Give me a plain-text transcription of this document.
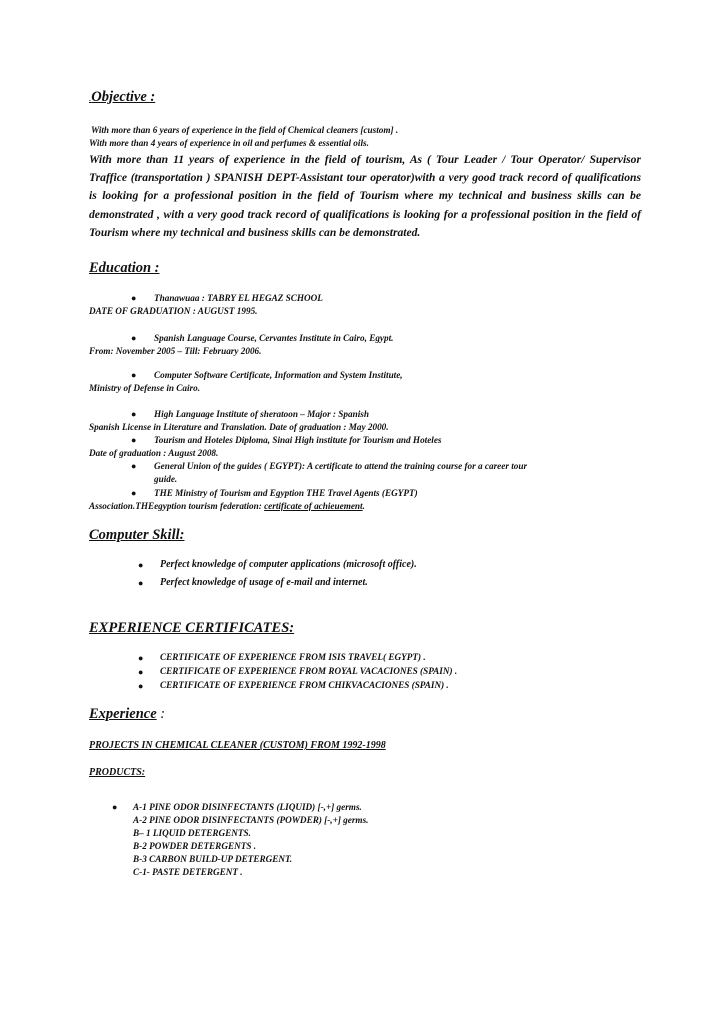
.Objective :
With more than 6 years of experience in the field of Chemical cleaners [custom] .
With more than 4 years of experience in oil and perfumes & essential oils.
With more than 11 years of experience in the field of tourism, As ( Tour Leader / Tour Operator/ Supervisor Traffice (transportation ) SPANISH DEPT-Assistant tour operator)with a very good track record of qualifications is looking for a professional position in the field of Tourism where my technical and business skills can be demonstrated , with a very good track record of qualifications is looking for a professional position in the field of Tourism where my technical and business skills can be demonstrated.
Education :
● Thanawuaa : TABRY EL HEGAZ SCHOOL
DATE OF GRADUATION : AUGUST 1995.
● Spanish Language Course, Cervantes Institute in Cairo, Egypt.
From: November 2005 – Till: February 2006.
● Computer Software Certificate, Information and System Institute,
Ministry of Defense in Cairo.
● High Language Institute of sheratoon – Major : Spanish
Spanish License in Literature and Translation. Date of graduation : May 2000.
● Tourism and Hoteles Diploma, Sinai High institute for Tourism and Hoteles
Date of graduation : August 2008.
● General Union of the guides ( EGYPT): A certificate to attend the training course for a career tour
guide.
● THE Ministry of Tourism and Egyption THE Travel Agents (EGYPT)
Association.THEegyption tourism federation: certificate of achieuement.
Computer Skill:
● Perfect knowledge of computer applications (microsoft office).
● Perfect knowledge of usage of e-mail and internet.
EXPERIENCE CERTIFICATES:
● CERTIFICATE OF EXPERIENCE FROM ISIS TRAVEL( EGYPT) .
● CERTIFICATE OF EXPERIENCE FROM ROYAL VACACIONES (SPAIN) .
● CERTIFICATE OF EXPERIENCE FROM CHIKVACACIONES (SPAIN) .
Experience :
PROJECTS IN CHEMICAL CLEANER (CUSTOM) FROM 1992-1998
PRODUCTS:
● A-1 PINE ODOR DISINFECTANTS (LIQUID) [-,+] germs.
A-2 PINE ODOR DISINFECTANTS (POWDER) [-,+] germs.
B– 1 LIQUID DETERGENTS.
B-2 POWDER DETERGENTS .
B-3 CARBON BUILD-UP DETERGENT.
C-1- PASTE DETERGENT .
